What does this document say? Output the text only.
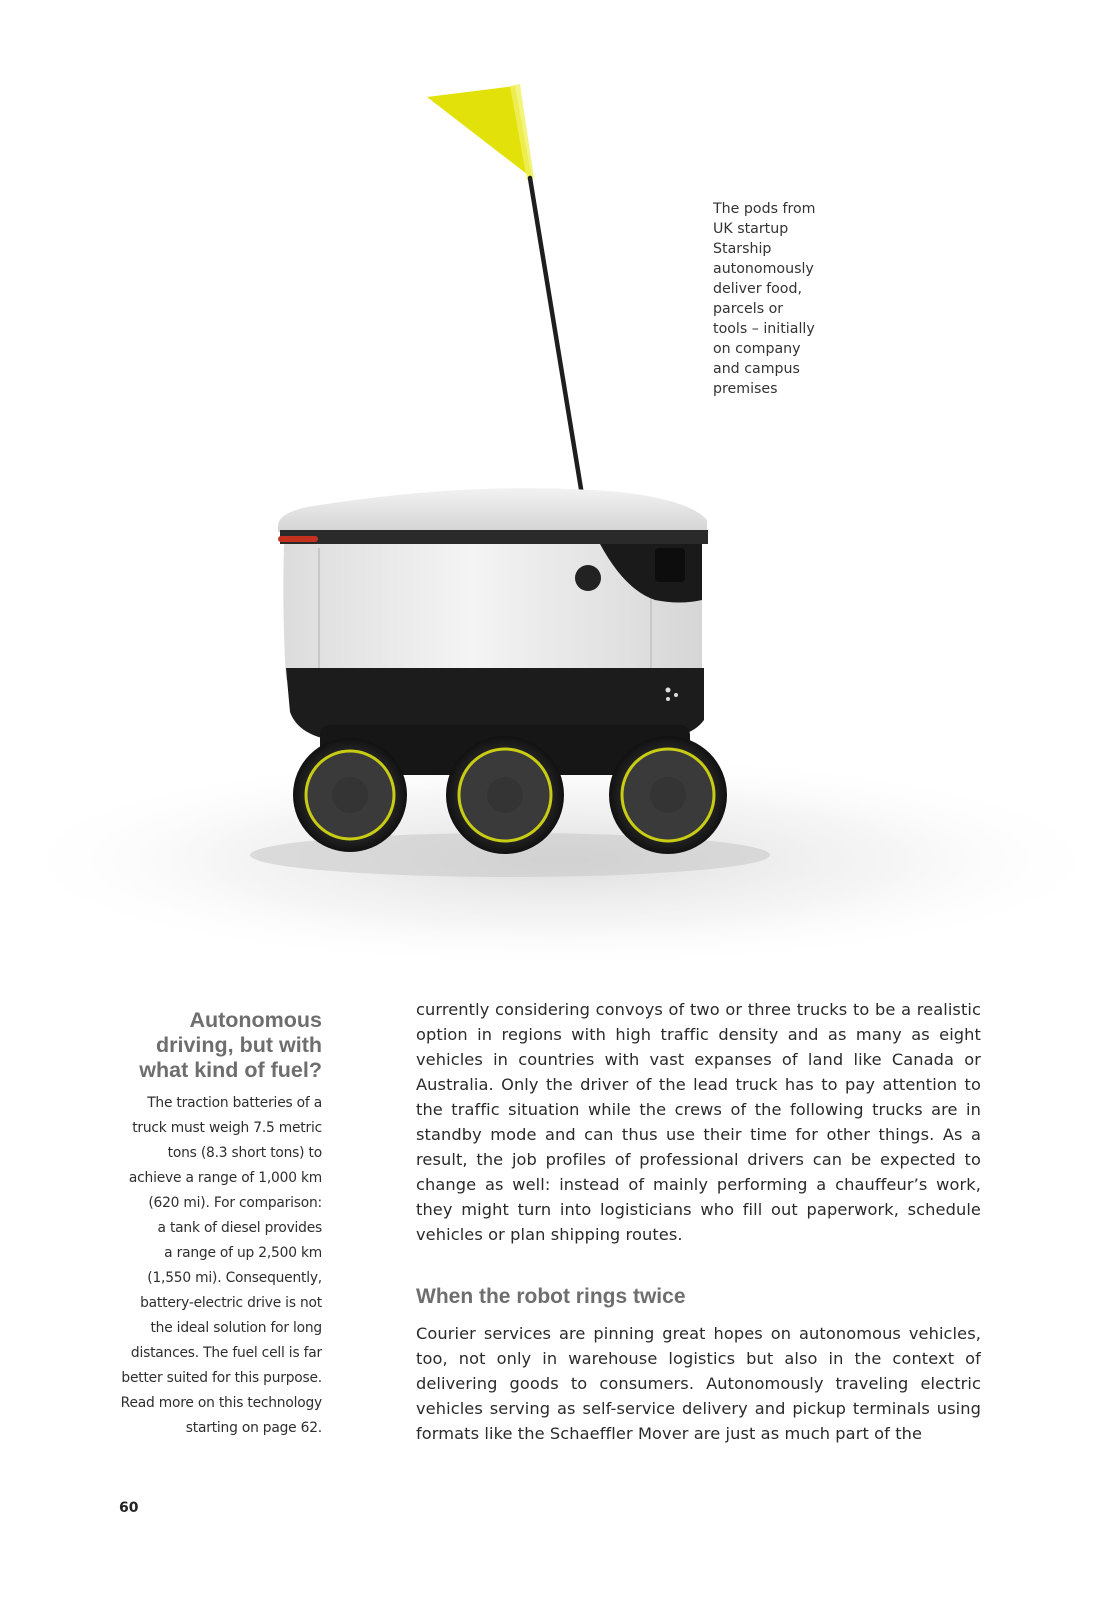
The pods from
UK startup
Starship
autonomously
deliver food,
parcels or
tools – initially
on company
and campus
premises
Autonomous
driving, but with
what kind of fuel?
The traction batteries of a
truck must weigh 7.5 metric
tons (8.3 short tons) to
achieve a range of 1,000 km
(620 mi). For comparison:
a tank of diesel provides
a range of up 2,500 km
(1,550 mi). Consequently,
battery-electric drive is not
the ideal solution for long
distances. The fuel cell is far
better suited for this purpose.
Read more on this technology
starting on page 62.

currently considering convoys of two or three trucks to be a realistic option in regions with high traffic density and as many as eight vehicles in countries with vast expanses of land like Canada or Australia. Only the driver of the lead truck has to pay attention to the traffic situation while the crews of the following trucks are in standby mode and can thus use their time for other things. As a result, the job profiles of professional drivers can be expected to change as well: instead of mainly performing a chauffeur’s work, they might turn into logisticians who fill out paperwork, schedule vehicles or plan shipping routes.

When the robot rings twice

Courier services are pinning great hopes on autonomous vehicles, too, not only in warehouse logistics but also in the context of delivering goods to consumers. Autonomously traveling electric vehicles serving as self-service delivery and pickup terminals using formats like the Schaeffler Mover are just as much part of the

60
